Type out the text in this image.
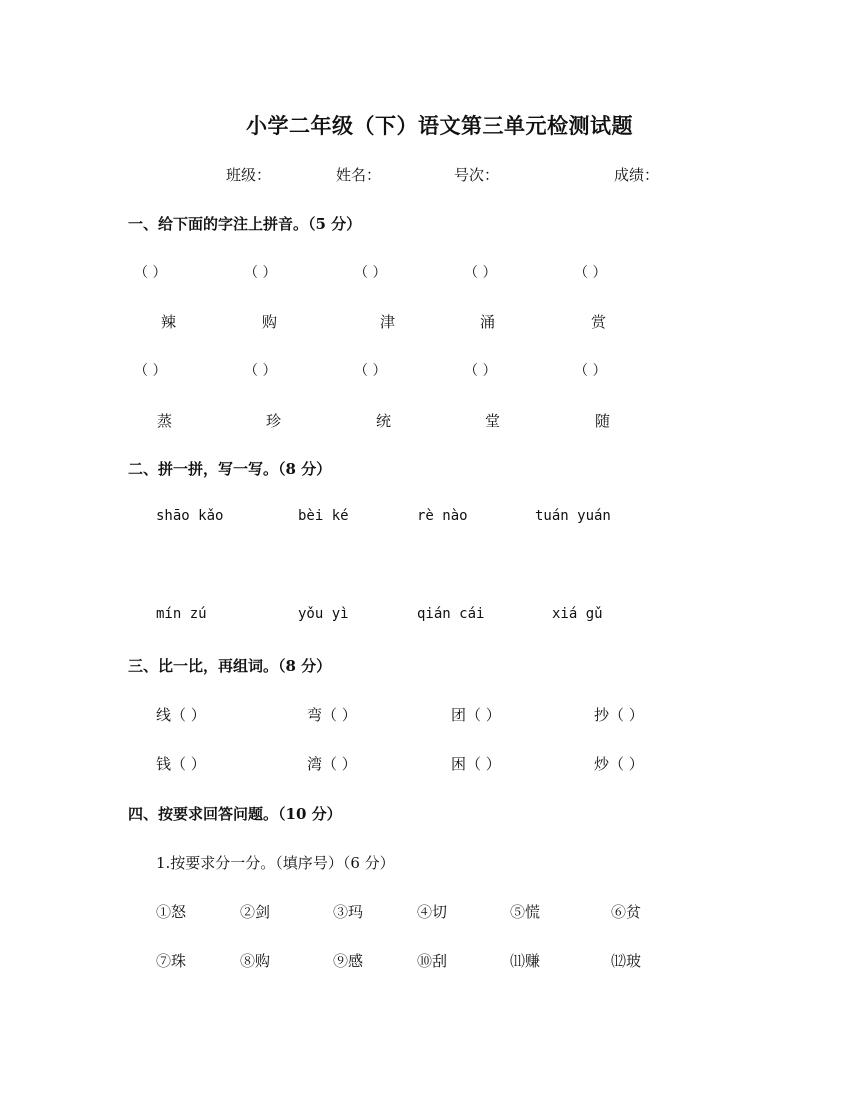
小学二年级（下）语文第三单元检测试题
班级：	姓名：	号次：	成绩：
一、给下面的字注上拼音。（5 分）
（ ）	（ ）	（ ）	（ ）	（ ）
辣	购	津	涌	赏
（ ）	（ ）	（ ）	（ ）	（ ）
蒸	珍	统	堂	随
二、拼一拼，写一写。（8 分）
shāo kǎo	bèi ké	rè nào	tuán yuán
mín zú	yǒu yì	qián cái	xiá gǔ
三、比一比，再组词。（8 分）
线（ ）	弯（ ）	团（ ）	抄（ ）
钱（ ）	湾（ ）	困（ ）	炒（ ）
四、按要求回答问题。（10 分）
1.按要求分一分。（填序号）（6 分）
①怒	②剑	③玛	④切	⑤慌	⑥贫
⑦珠	⑧购	⑨感	⑩刮	⑾赚	⑿玻
